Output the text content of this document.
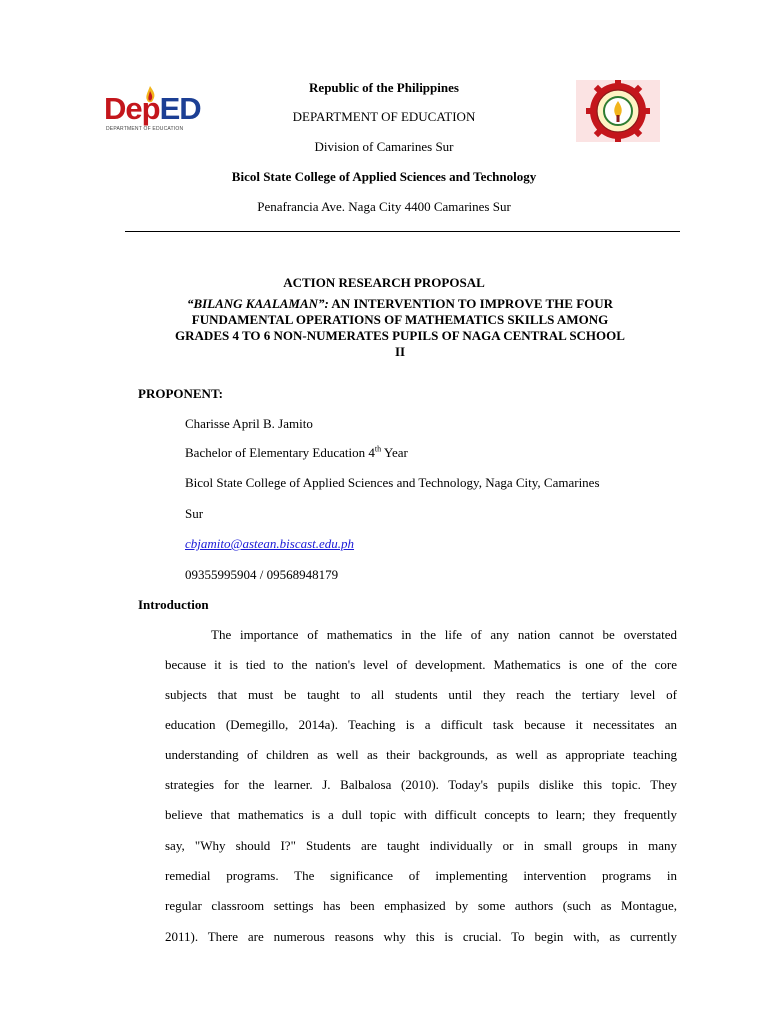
DepED
DEPARTMENT OF EDUCATION
Republic of the Philippines
DEPARTMENT OF EDUCATION
Division of Camarines Sur
Bicol State College of Applied Sciences and Technology
Penafrancia Ave. Naga City 4400 Camarines Sur
ACTION RESEARCH PROPOSAL
“BILANG KAALAMAN”: AN INTERVENTION TO IMPROVE THE FOUR
FUNDAMENTAL OPERATIONS OF MATHEMATICS SKILLS AMONG
GRADES 4 TO 6 NON-NUMERATES PUPILS OF NAGA CENTRAL SCHOOL
II
PROPONENT:
Charisse April B. Jamito
Bachelor of Elementary Education 4th Year
Bicol State College of Applied Sciences and Technology, Naga City, Camarines
Sur
cbjamito@astean.biscast.edu.ph
09355995904 / 09568948179
Introduction
The importance of mathematics in the life of any nation cannot be overstated
because it is tied to the nation's level of development. Mathematics is one of the core
subjects that must be taught to all students until they reach the tertiary level of
education (Demegillo, 2014a). Teaching is a difficult task because it necessitates an
understanding of children as well as their backgrounds, as well as appropriate teaching
strategies for the learner. J. Balbalosa (2010). Today's pupils dislike this topic. They
believe that mathematics is a dull topic with difficult concepts to learn; they frequently
say, "Why should I?" Students are taught individually or in small groups in many
remedial programs. The significance of implementing intervention programs in
regular classroom settings has been emphasized by some authors (such as Montague,
2011). There are numerous reasons why this is crucial. To begin with, as currently
